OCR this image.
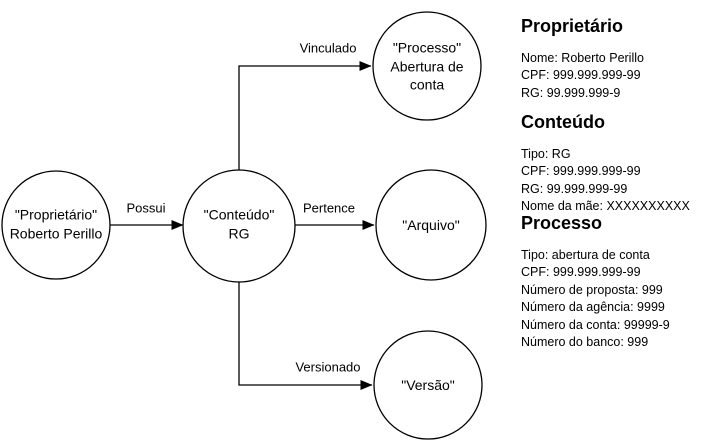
"Proprietário"
Roberto Perillo
"Conteúdo"
RG
"Processo"
Abertura de
conta
"Arquivo"
"Versão"
Possui
Vinculado
Pertence
Versionado
Proprietário
Nome: Roberto Perillo
CPF: 999.999.999-99
RG: 99.999.999-9
Conteúdo
Tipo: RG
CPF: 999.999.999-99
RG: 99.999.999-99
Nome da mãe: XXXXXXXXXX
Processo
Tipo: abertura de conta
CPF: 999.999.999-99
Número de proposta: 999
Número da agência: 9999
Número da conta: 99999-9
Número do banco: 999
